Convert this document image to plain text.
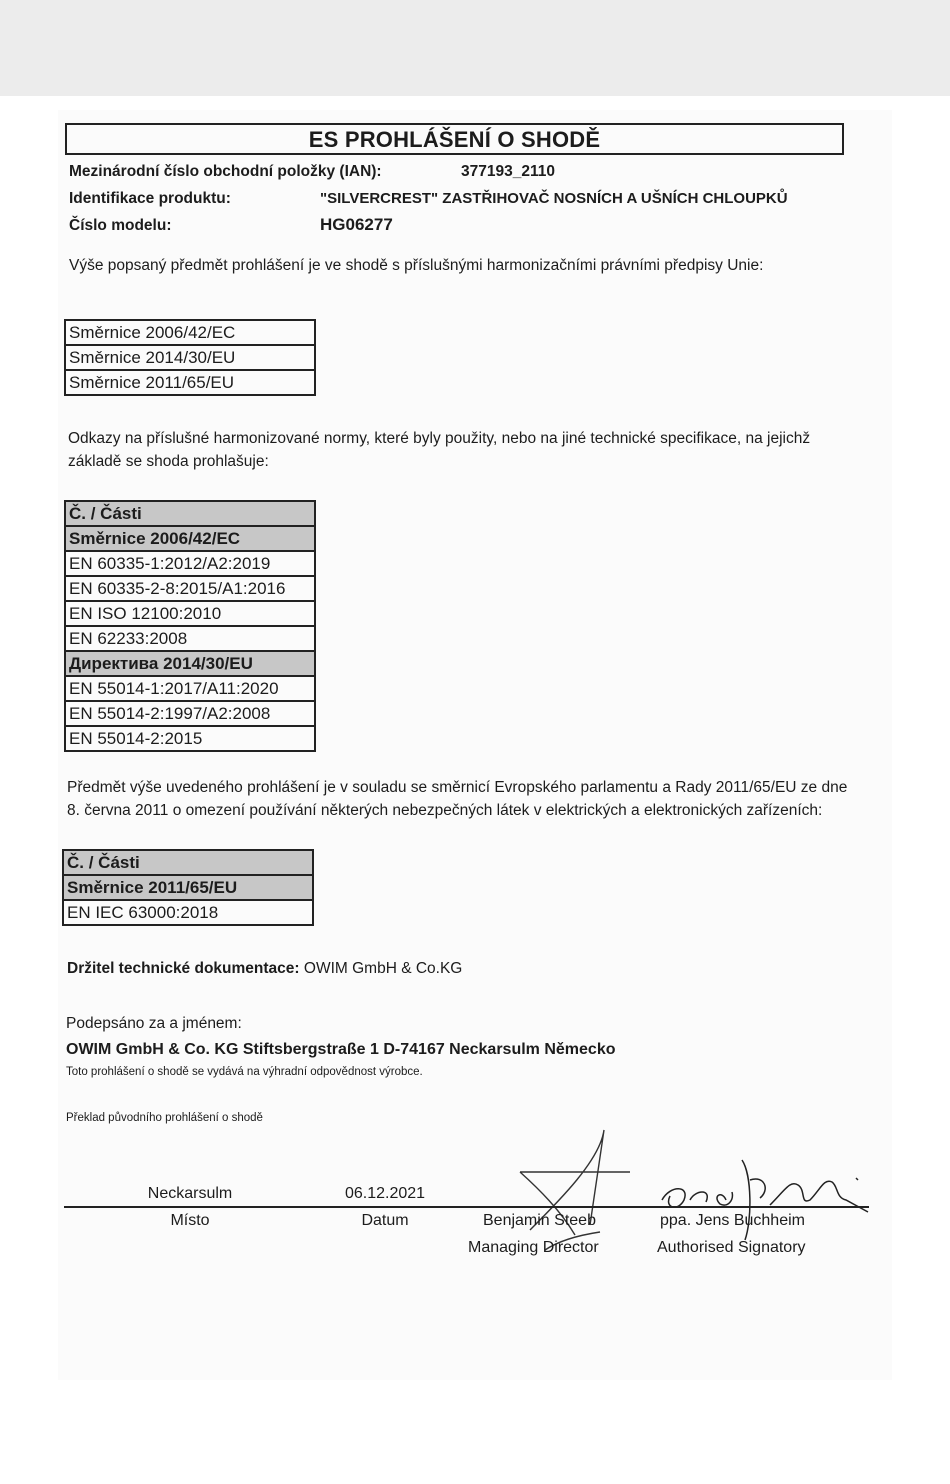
ES PROHLÁŠENÍ O SHODĚ
Mezinárodní číslo obchodní položky (IAN):	377193_2110
Identifikace produktu:	"SILVERCREST" ZASTŘIHOVAČ NOSNÍCH A UŠNÍCH CHLOUPKŮ
Číslo modelu:	HG06277
Výše popsaný předmět prohlášení je ve shodě s příslušnými harmonizačními právními předpisy Unie:
Směrnice 2006/42/EC
Směrnice 2014/30/EU
Směrnice 2011/65/EU
Odkazy na příslušné harmonizované normy, které byly použity, nebo na jiné technické specifikace, na jejichž základě se shoda prohlašuje:
Č. / Části
Směrnice 2006/42/EC
EN 60335-1:2012/A2:2019
EN 60335-2-8:2015/A1:2016
EN ISO 12100:2010
EN 62233:2008
Директива 2014/30/EU
EN 55014-1:2017/A11:2020
EN 55014-2:1997/A2:2008
EN 55014-2:2015
Předmět výše uvedeného prohlášení je v souladu se směrnicí Evropského parlamentu a Rady 2011/65/EU ze dne 8. června 2011 o omezení používání některých nebezpečných látek v elektrických a elektronických zařízeních:
Č. / Části
Směrnice 2011/65/EU
EN IEC 63000:2018
Držitel technické dokumentace: OWIM GmbH & Co.KG
Podepsáno za a jménem:
OWIM GmbH & Co. KG Stiftsbergstraße 1 D-74167 Neckarsulm Německo
Toto prohlášení o shodě se vydává na výhradní odpovědnost výrobce.
Překlad původního prohlášení o shodě
Neckarsulm	06.12.2021
Místo	Datum	Benjamin Steeb
Managing Director
ppa. Jens Buchheim
Authorised Signatory
